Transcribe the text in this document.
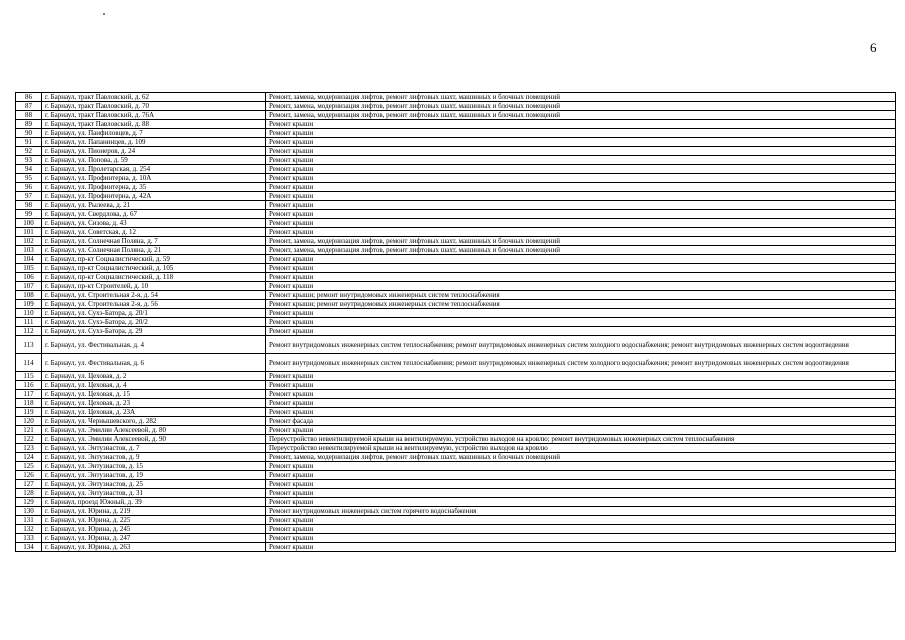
6
86	г. Барнаул, тракт Павловский, д. 62	Ремонт, замена, модернизация лифтов, ремонт лифтовых шахт, машинных и блочных помещений
87	г. Барнаул, тракт Павловский, д. 70	Ремонт, замена, модернизация лифтов, ремонт лифтовых шахт, машинных и блочных помещений
88	г. Барнаул, тракт Павловский, д. 76А	Ремонт, замена, модернизация лифтов, ремонт лифтовых шахт, машинных и блочных помещений
89	г. Барнаул, тракт Павловский, д. 88	Ремонт крыши
90	г. Барнаул, ул. Панфиловцев, д. 7	Ремонт крыши
91	г. Барнаул, ул. Папанинцев, д. 109	Ремонт крыши
92	г. Барнаул, ул. Пионеров, д. 24	Ремонт крыши
93	г. Барнаул, ул. Попова, д. 59	Ремонт крыши
94	г. Барнаул, ул. Пролетарская, д. 254	Ремонт крыши
95	г. Барнаул, ул. Профинтерна, д. 10А	Ремонт крыши
96	г. Барнаул, ул. Профинтерна, д. 35	Ремонт крыши
97	г. Барнаул, ул. Профинтерна, д. 42А	Ремонт крыши
98	г. Барнаул, ул. Рылеева, д. 21	Ремонт крыши
99	г. Барнаул, ул. Свердлова, д. 67	Ремонт крыши
100	г. Барнаул, ул. Сизова, д. 43	Ремонт крыши
101	г. Барнаул, ул. Советская, д. 12	Ремонт крыши
102	г. Барнаул, ул. Солнечная Поляна, д. 7	Ремонт, замена, модернизация лифтов, ремонт лифтовых шахт, машинных и блочных помещений
103	г. Барнаул, ул. Солнечная Поляна, д. 21	Ремонт, замена, модернизация лифтов, ремонт лифтовых шахт, машинных и блочных помещений
104	г. Барнаул, пр-кт Социалистический, д. 59	Ремонт крыши
105	г. Барнаул, пр-кт Социалистический, д. 105	Ремонт крыши
106	г. Барнаул, пр-кт Социалистический, д. 118	Ремонт крыши
107	г. Барнаул, пр-кт Строителей, д. 10	Ремонт крыши
108	г. Барнаул, ул. Строительная 2-я, д. 54	Ремонт крыши; ремонт внутридомовых инженерных систем теплоснабжения
109	г. Барнаул, ул. Строительная 2-я, д. 56	Ремонт крыши; ремонт внутридомовых инженерных систем теплоснабжения
110	г. Барнаул, ул. Сухэ-Батора, д. 20/1	Ремонт крыши
111	г. Барнаул, ул. Сухэ-Батора, д. 20/2	Ремонт крыши
112	г. Барнаул, ул. Сухэ-Батора, д. 29	Ремонт крыши
113	г. Барнаул, ул. Фестивальная, д. 4	Ремонт внутридомовых инженерных систем теплоснабжения; ремонт внутридомовых инженерных систем холодного водоснабжения; ремонт внутридомовых инженерных систем водоотведения
114	г. Барнаул, ул. Фестивальная, д. 6	Ремонт внутридомовых инженерных систем теплоснабжения; ремонт внутридомовых инженерных систем холодного водоснабжения; ремонт внутридомовых инженерных систем водоотведения
115	г. Барнаул, ул. Цеховая, д. 2	Ремонт крыши
116	г. Барнаул, ул. Цеховая, д. 4	Ремонт крыши
117	г. Барнаул, ул. Цеховая, д. 15	Ремонт крыши
118	г. Барнаул, ул. Цеховая, д. 23	Ремонт крыши
119	г. Барнаул, ул. Цеховая, д. 23А	Ремонт крыши
120	г. Барнаул, ул. Чернышевского, д. 282	Ремонт фасада
121	г. Барнаул, ул. Эмилии Алексеевой, д. 80	Ремонт крыши
122	г. Барнаул, ул. Эмилии Алексеевой, д. 90	Переустройство невентилируемой крыши на вентилируемую, устройство выходов на кровлю; ремонт внутридомовых инженерных систем теплоснабжения
123	г. Барнаул, ул. Энтузиастов, д. 7	Переустройство невентилируемой крыши на вентилируемую, устройство выходов на кровлю
124	г. Барнаул, ул. Энтузиастов, д. 9	Ремонт, замена, модернизация лифтов, ремонт лифтовых шахт, машинных и блочных помещений
125	г. Барнаул, ул. Энтузиастов, д. 15	Ремонт крыши
126	г. Барнаул, ул. Энтузиастов, д. 19	Ремонт крыши
127	г. Барнаул, ул. Энтузиастов, д. 25	Ремонт крыши
128	г. Барнаул, ул. Энтузиастов, д. 31	Ремонт крыши
129	г. Барнаул, проезд Южный, д. 39	Ремонт крыши
130	г. Барнаул, ул. Юрина, д. 219	Ремонт внутридомовых инженерных систем горячего водоснабжения
131	г. Барнаул, ул. Юрина, д. 225	Ремонт крыши
132	г. Барнаул, ул. Юрина, д. 245	Ремонт крыши
133	г. Барнаул, ул. Юрина, д. 247	Ремонт крыши
134	г. Барнаул, ул. Юрина, д. 263	Ремонт крыши
